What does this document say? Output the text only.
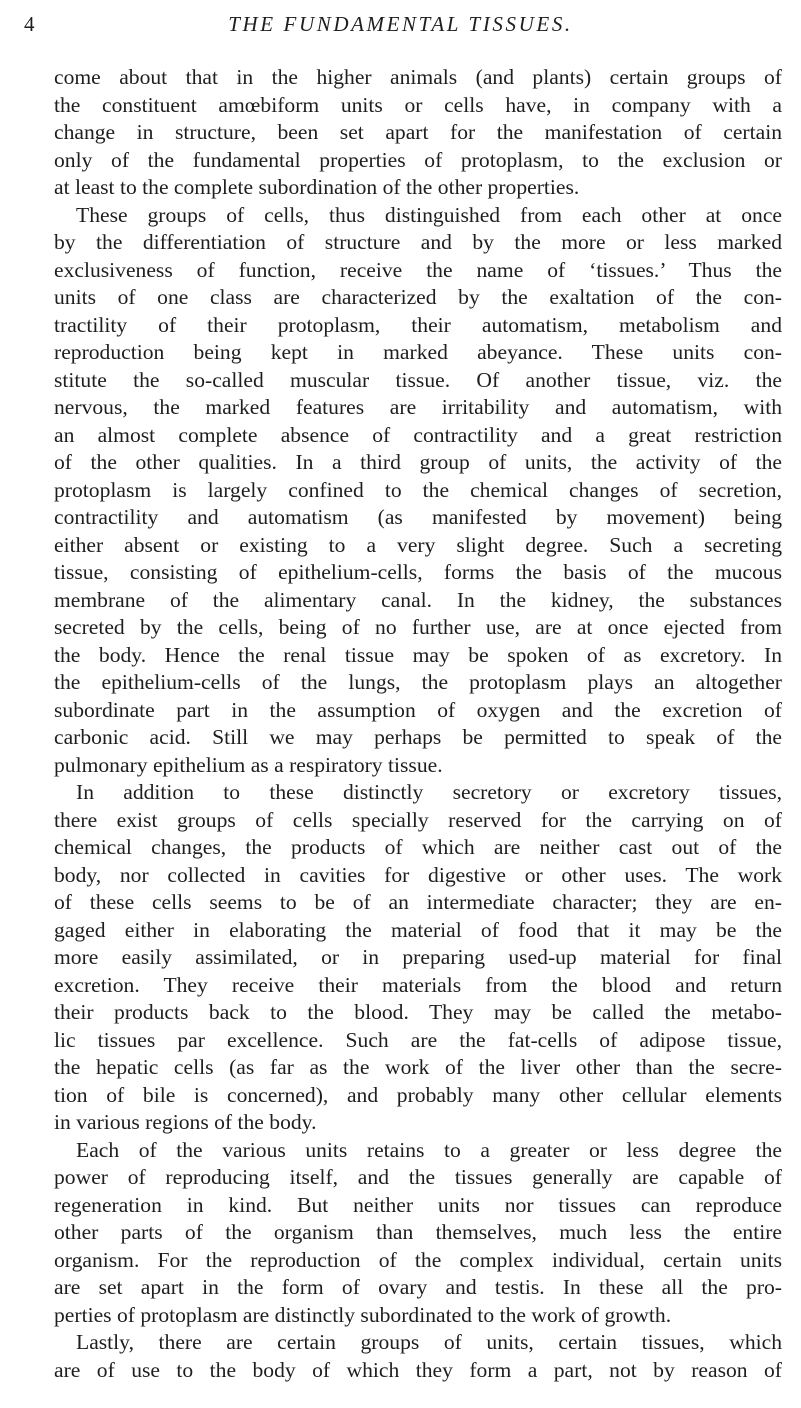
4	THE FUNDAMENTAL TISSUES.
come about that in the higher animals (and plants) certain groups of
the constituent amœbiform units or cells have, in company with a
change in structure, been set apart for the manifestation of certain
only of the fundamental properties of protoplasm, to the exclusion or
at least to the complete subordination of the other properties.
These groups of cells, thus distinguished from each other at once
by the differentiation of structure and by the more or less marked
exclusiveness of function, receive the name of ‘tissues.’ Thus the
units of one class are characterized by the exaltation of the con-
tractility of their protoplasm, their automatism, metabolism and
reproduction being kept in marked abeyance. These units con-
stitute the so-called muscular tissue. Of another tissue, viz. the
nervous, the marked features are irritability and automatism, with
an almost complete absence of contractility and a great restriction
of the other qualities. In a third group of units, the activity of the
protoplasm is largely confined to the chemical changes of secretion,
contractility and automatism (as manifested by movement) being
either absent or existing to a very slight degree. Such a secreting
tissue, consisting of epithelium-cells, forms the basis of the mucous
membrane of the alimentary canal. In the kidney, the substances
secreted by the cells, being of no further use, are at once ejected from
the body. Hence the renal tissue may be spoken of as excretory. In
the epithelium-cells of the lungs, the protoplasm plays an altogether
subordinate part in the assumption of oxygen and the excretion of
carbonic acid. Still we may perhaps be permitted to speak of the
pulmonary epithelium as a respiratory tissue.
In addition to these distinctly secretory or excretory tissues,
there exist groups of cells specially reserved for the carrying on of
chemical changes, the products of which are neither cast out of the
body, nor collected in cavities for digestive or other uses. The work
of these cells seems to be of an intermediate character; they are en-
gaged either in elaborating the material of food that it may be the
more easily assimilated, or in preparing used-up material for final
excretion. They receive their materials from the blood and return
their products back to the blood. They may be called the metabo-
lic tissues par excellence. Such are the fat-cells of adipose tissue,
the hepatic cells (as far as the work of the liver other than the secre-
tion of bile is concerned), and probably many other cellular elements
in various regions of the body.
Each of the various units retains to a greater or less degree the
power of reproducing itself, and the tissues generally are capable of
regeneration in kind. But neither units nor tissues can reproduce
other parts of the organism than themselves, much less the entire
organism. For the reproduction of the complex individual, certain units
are set apart in the form of ovary and testis. In these all the pro-
perties of protoplasm are distinctly subordinated to the work of growth.
Lastly, there are certain groups of units, certain tissues, which
are of use to the body of which they form a part, not by reason of
